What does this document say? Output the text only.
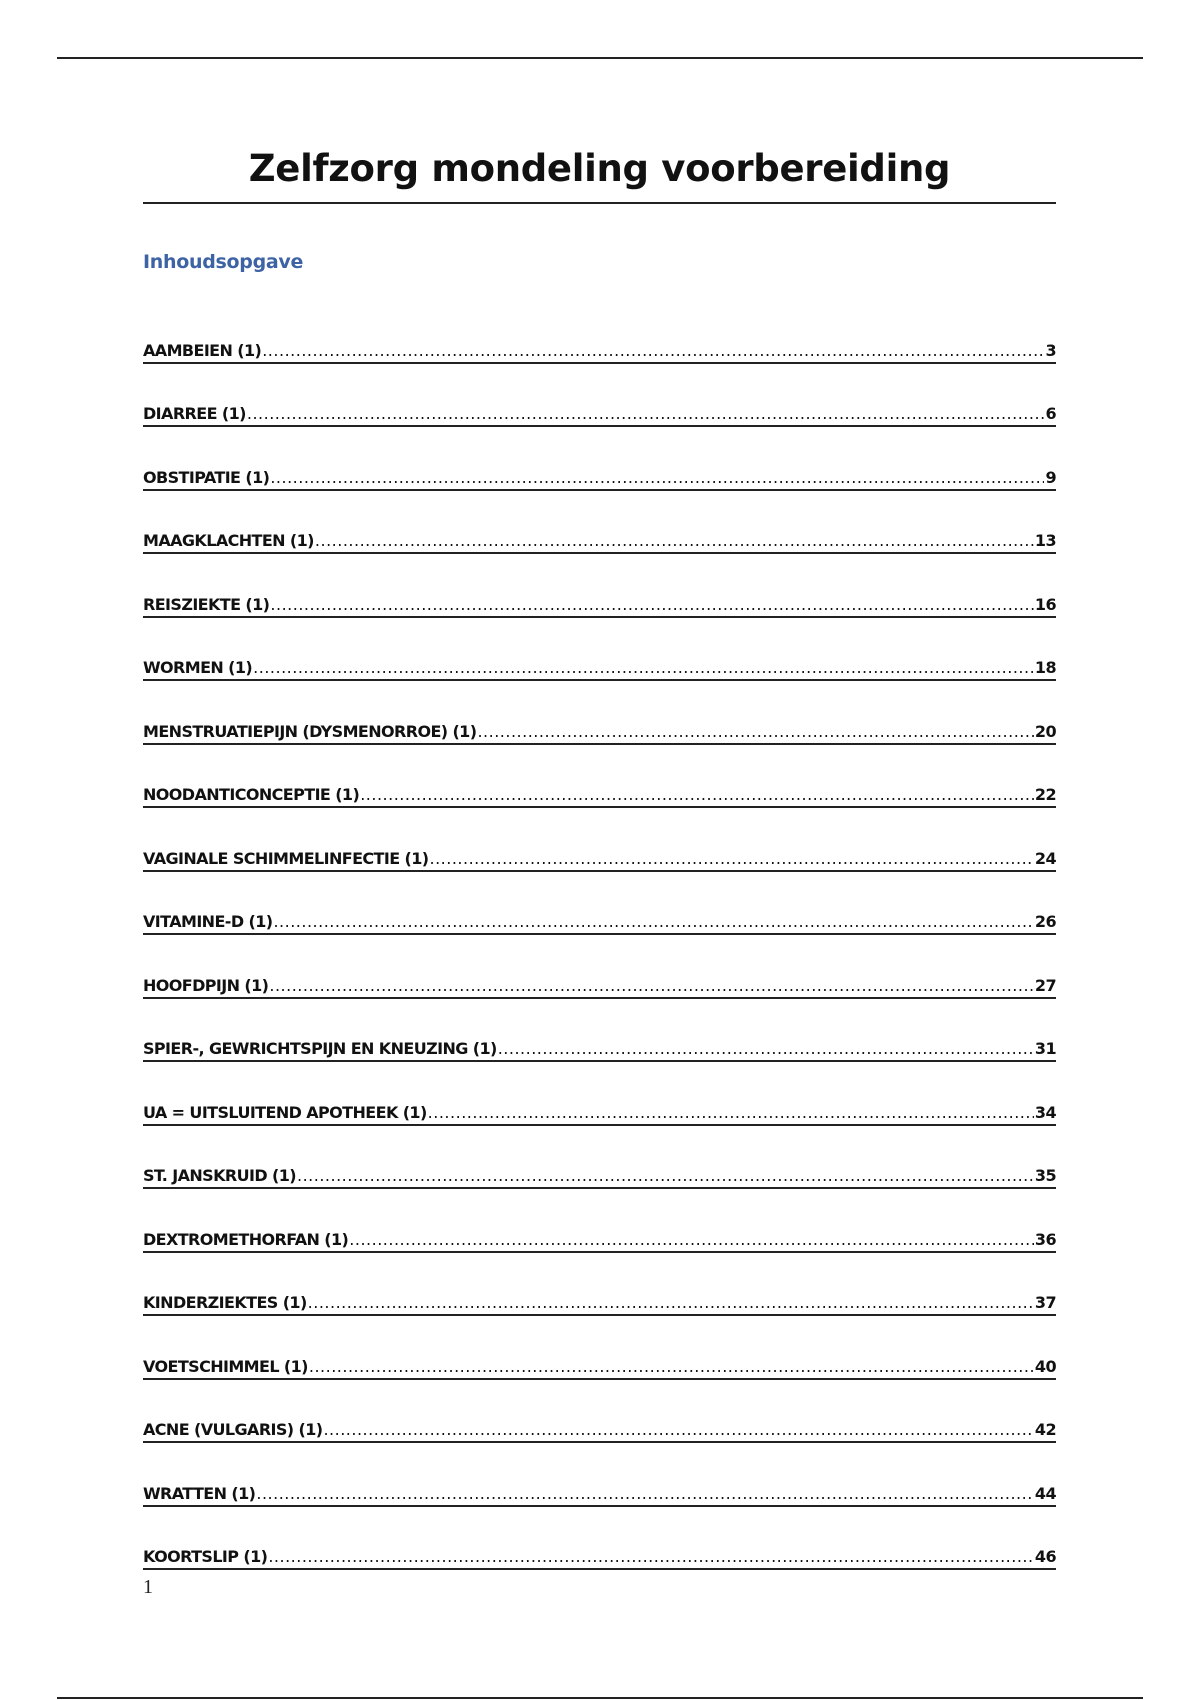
Zelfzorg mondeling voorbereiding
Inhoudsopgave
AAMBEIEN (1) .....	3
DIARREE (1) .....	6
OBSTIPATIE (1) .....	9
MAAGKLACHTEN (1) .....	13
REISZIEKTE (1) .....	16
WORMEN (1) .....	18
MENSTRUATIEPIJN (DYSMENORROE) (1) .....	20
NOODANTICONCEPTIE (1) .....	22
VAGINALE SCHIMMELINFECTIE (1) .....	24
VITAMINE-D (1) .....	26
HOOFDPIJN (1) .....	27
SPIER-, GEWRICHTSPIJN EN KNEUZING (1) .....	31
UA = UITSLUITEND APOTHEEK (1) .....	34
ST. JANSKRUID (1) .....	35
DEXTROMETHORFAN (1) .....	36
KINDERZIEKTES (1) .....	37
VOETSCHIMMEL (1) .....	40
ACNE (VULGARIS) (1) .....	42
WRATTEN (1) .....	44
KOORTSLIP (1) .....	46
1
